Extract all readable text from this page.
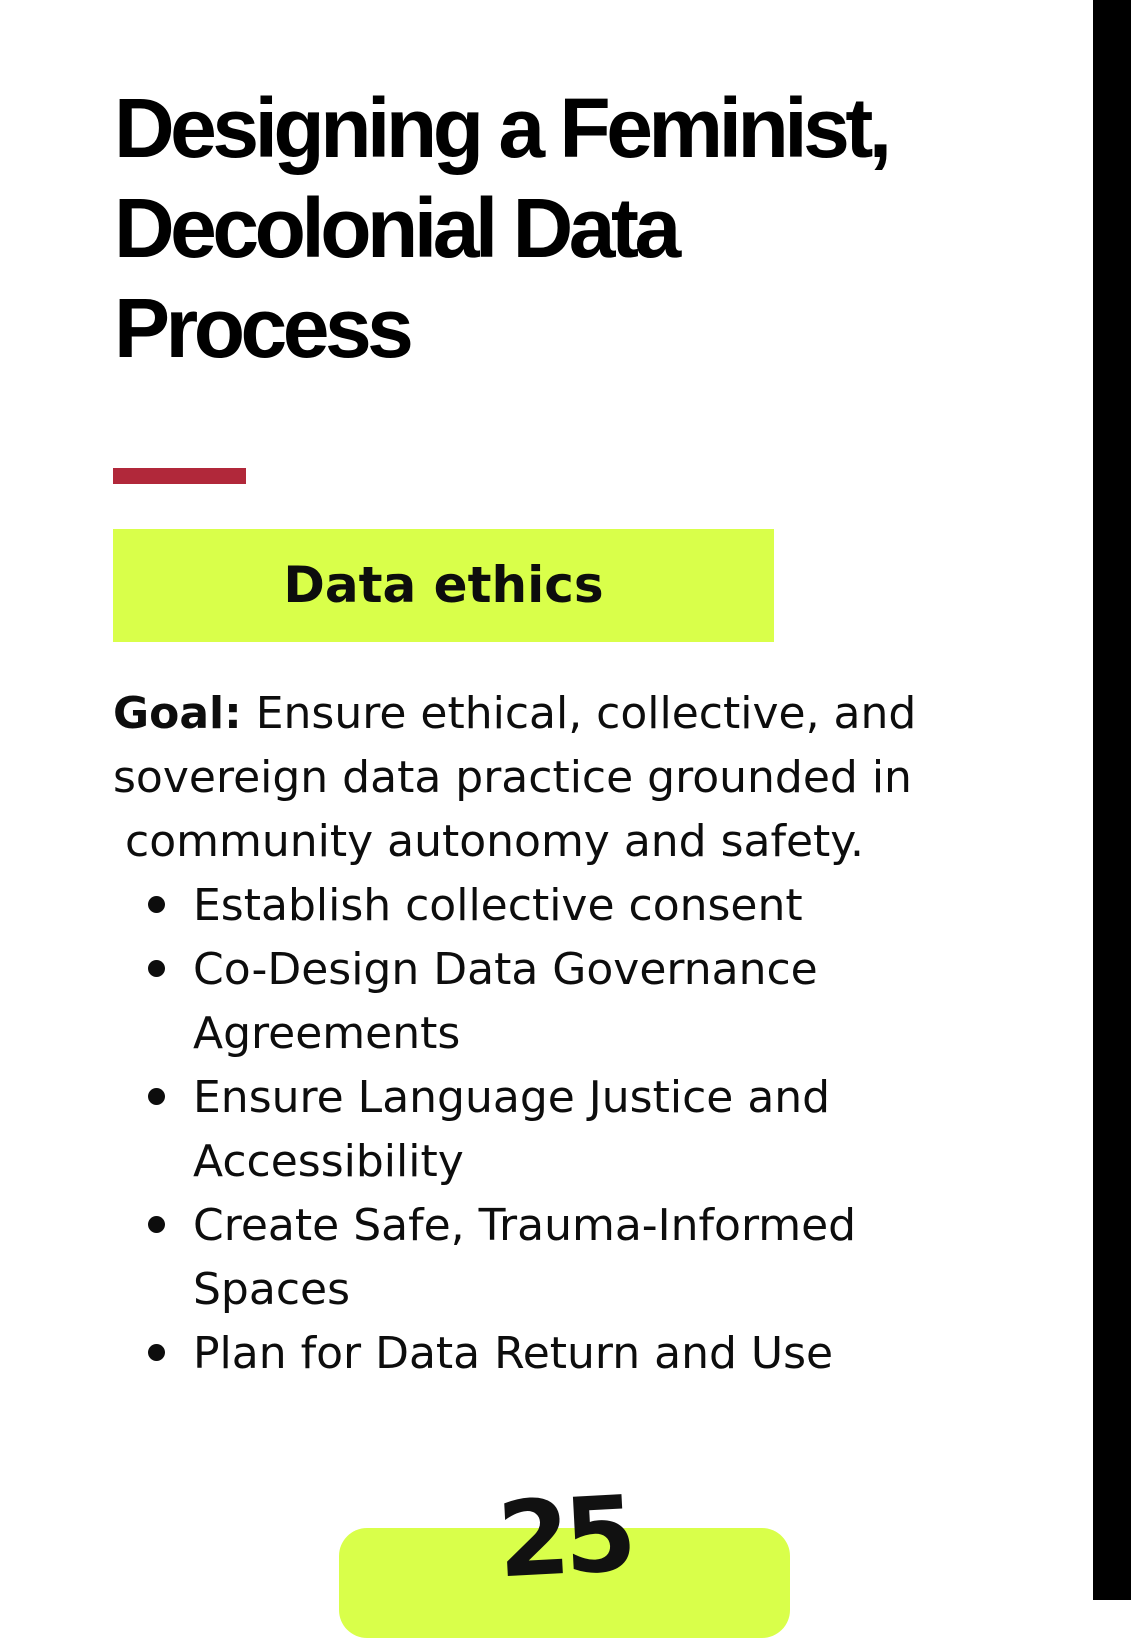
Designing a Feminist,
Decolonial Data
Process
Data ethics

Goal: Ensure ethical, collective, and
sovereign data practice grounded in
community autonomy and safety.

Establish collective consent
Co-Design Data Governance
Agreements
Ensure Language Justice and
Accessibility
Create Safe, Trauma-Informed
Spaces
Plan for Data Return and Use
25
